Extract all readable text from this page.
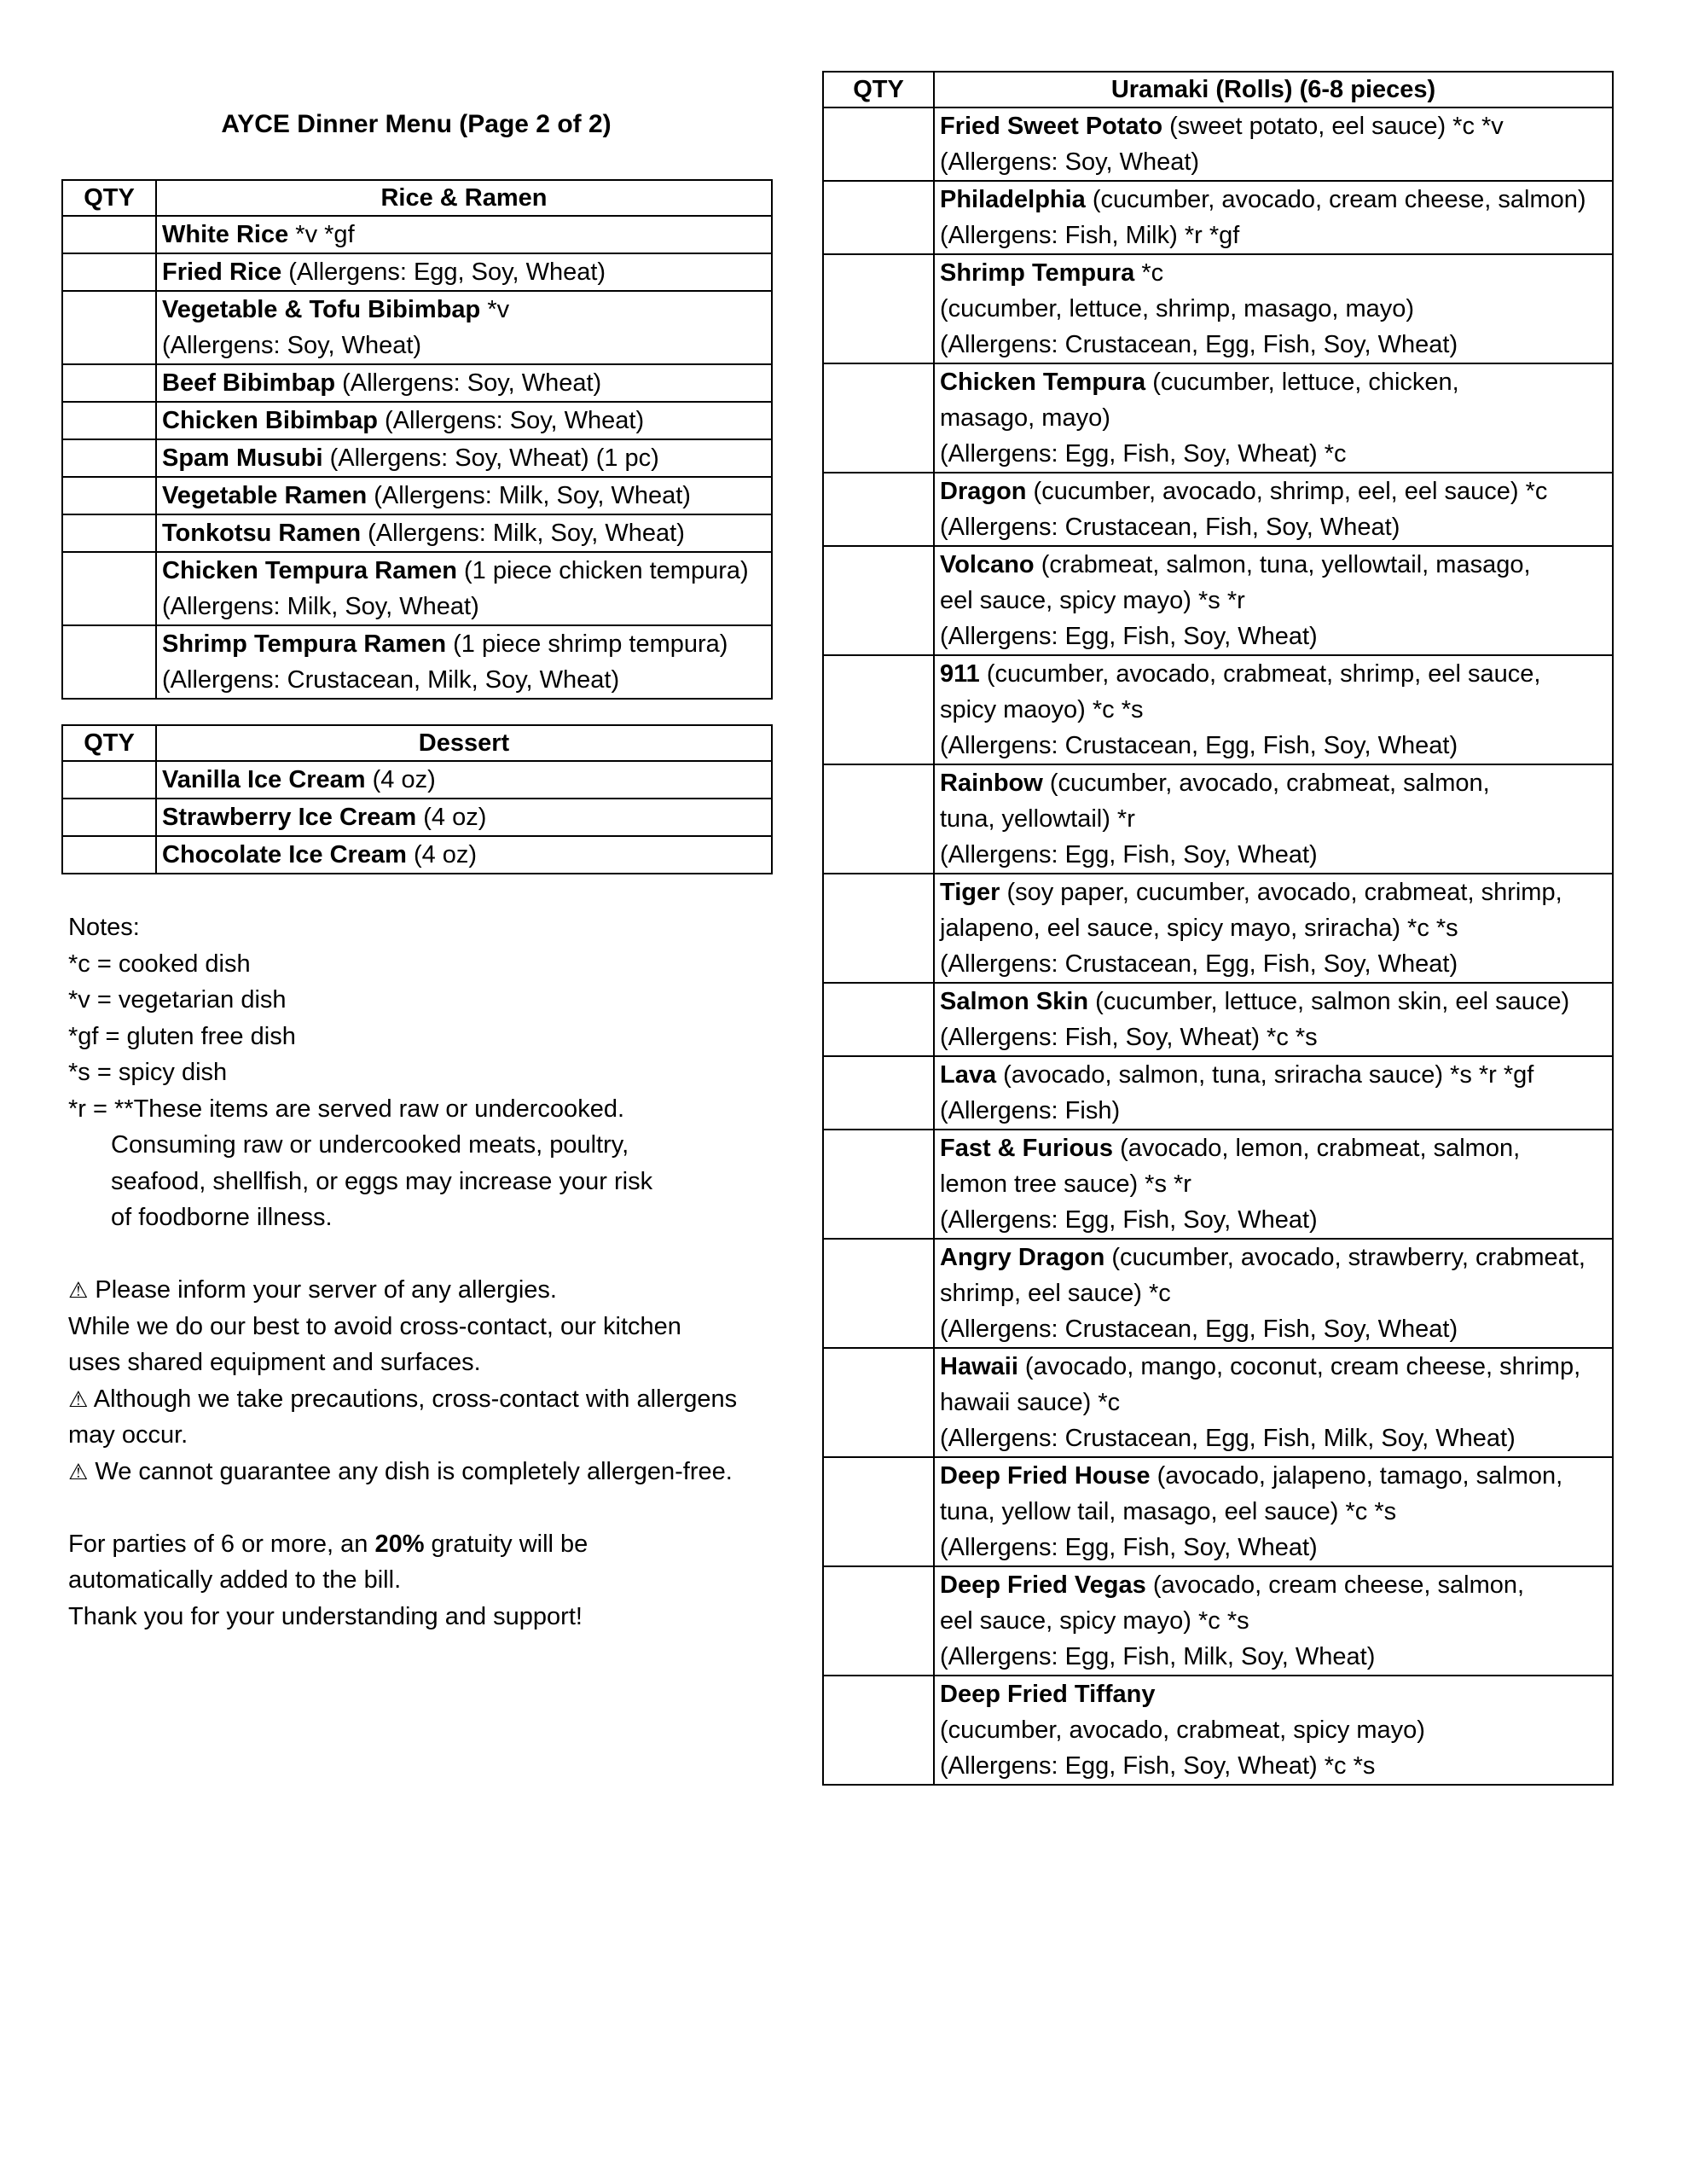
AYCE Dinner Menu (Page 2 of 2)
QTY	Rice & Ramen

	White Rice *v *gf

	Fried Rice (Allergens: Egg, Soy, Wheat)

	Vegetable & Tofu Bibimbap *v
(Allergens: Soy, Wheat)

	Beef Bibimbap (Allergens: Soy, Wheat)

	Chicken Bibimbap (Allergens: Soy, Wheat)

	Spam Musubi (Allergens: Soy, Wheat) (1 pc)

	Vegetable Ramen (Allergens: Milk, Soy, Wheat)

	Tonkotsu Ramen (Allergens: Milk, Soy, Wheat)

	Chicken Tempura Ramen (1 piece chicken tempura)
(Allergens: Milk, Soy, Wheat)

	Shrimp Tempura Ramen (1 piece shrimp tempura)
(Allergens: Crustacean, Milk, Soy, Wheat)
QTY	Dessert

	Vanilla Ice Cream (4 oz)

	Strawberry Ice Cream (4 oz)

	Chocolate Ice Cream (4 oz)
QTY	Uramaki (Rolls) (6-8 pieces)

	Fried Sweet Potato (sweet potato, eel sauce) *c *v
(Allergens: Soy, Wheat)

	Philadelphia (cucumber, avocado, cream cheese, salmon)
(Allergens: Fish, Milk) *r *gf

	Shrimp Tempura *c
(cucumber, lettuce, shrimp, masago, mayo)
(Allergens: Crustacean, Egg, Fish, Soy, Wheat)

	Chicken Tempura (cucumber, lettuce, chicken,
masago, mayo)
(Allergens: Egg, Fish, Soy, Wheat) *c

	Dragon (cucumber, avocado, shrimp, eel, eel sauce) *c
(Allergens: Crustacean, Fish, Soy, Wheat)

	Volcano (crabmeat, salmon, tuna, yellowtail, masago,
eel sauce, spicy mayo) *s *r
(Allergens: Egg, Fish, Soy, Wheat)

	911 (cucumber, avocado, crabmeat, shrimp, eel sauce,
spicy maoyo) *c *s
(Allergens: Crustacean, Egg, Fish, Soy, Wheat)

	Rainbow (cucumber, avocado, crabmeat, salmon,
tuna, yellowtail) *r
(Allergens: Egg, Fish, Soy, Wheat)

	Tiger (soy paper, cucumber, avocado, crabmeat, shrimp,
jalapeno, eel sauce, spicy mayo, sriracha) *c *s
(Allergens: Crustacean, Egg, Fish, Soy, Wheat)

	Salmon Skin (cucumber, lettuce, salmon skin, eel sauce)
(Allergens: Fish, Soy, Wheat) *c *s

	Lava (avocado, salmon, tuna, sriracha sauce) *s *r *gf
(Allergens: Fish)

	Fast & Furious (avocado, lemon, crabmeat, salmon,
lemon tree sauce) *s *r
(Allergens: Egg, Fish, Soy, Wheat)

	Angry Dragon (cucumber, avocado, strawberry, crabmeat,
shrimp, eel sauce) *c
(Allergens: Crustacean, Egg, Fish, Soy, Wheat)

	Hawaii (avocado, mango, coconut, cream cheese, shrimp,
hawaii sauce) *c
(Allergens: Crustacean, Egg, Fish, Milk, Soy, Wheat)

	Deep Fried House (avocado, jalapeno, tamago, salmon,
tuna, yellow tail, masago, eel sauce) *c *s
(Allergens: Egg, Fish, Soy, Wheat)

	Deep Fried Vegas (avocado, cream cheese, salmon,
eel sauce, spicy mayo) *c *s
(Allergens: Egg, Fish, Milk, Soy, Wheat)

	Deep Fried Tiffany
(cucumber, avocado, crabmeat, spicy mayo)
(Allergens: Egg, Fish, Soy, Wheat) *c *s
Notes:
*c = cooked dish
*v = vegetarian dish
*gf = gluten free dish
*s = spicy dish
*r = **These items are served raw or undercooked.
Consuming raw or undercooked meats, poultry,
seafood, shellfish, or eggs may increase your risk
of foodborne illness.
⚠ Please inform your server of any allergies.
While we do our best to avoid cross-contact, our kitchen
uses shared equipment and surfaces.
⚠ Although we take precautions, cross-contact with allergens
may occur.
⚠ We cannot guarantee any dish is completely allergen-free.
For parties of 6 or more, an 20% gratuity will be
automatically added to the bill.
Thank you for your understanding and support!
